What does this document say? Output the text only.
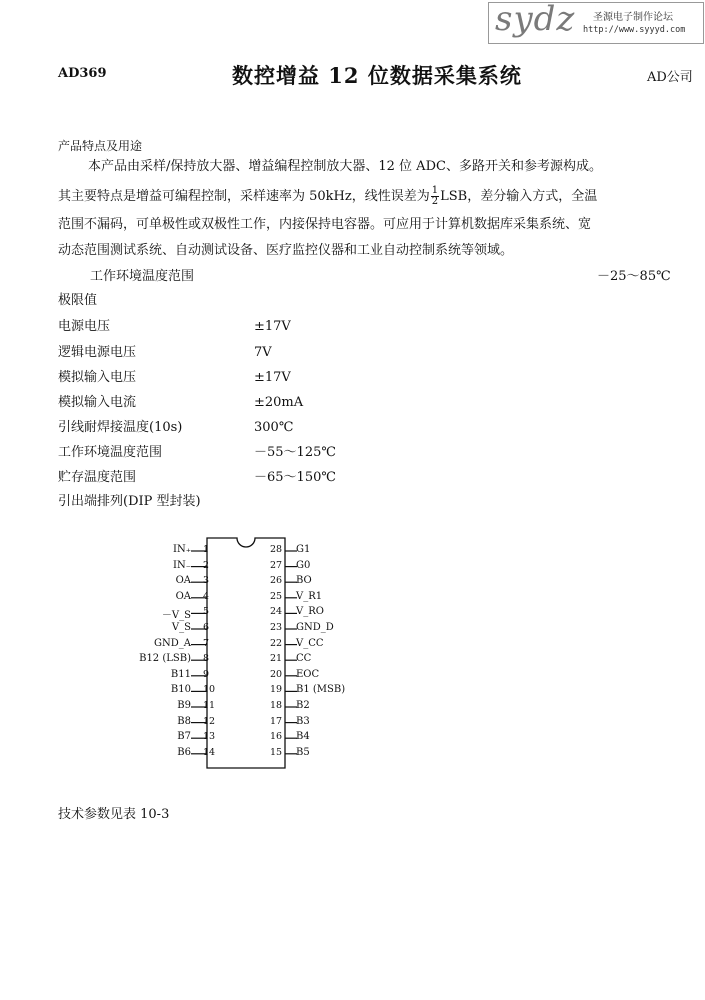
sydz 圣源电子制作论坛
http://www.syyyd.com
AD369	数控增益 12 位数据采集系统	AD公司
产品特点及用途
本产品由采样/保持放大器、增益编程控制放大器、12 位 ADC、多路开关和参考源构成。
其主要特点是增益可编程控制，采样速率为 50kHz，线性误差为 $\frac{1}{2}$ LSB，差分输入方式，全温
范围不漏码，可单极性或双极性工作，内接保持电容器。可应用于计算机数据库采集系统、宽
动态范围测试系统、自动测试设备、医疗监控仪器和工业自动控制系统等领域。
工作环境温度范围	－25～85℃
极限值
电源电压	±17V
逻辑电源电压	7V
模拟输入电压	±17V
模拟输入电流	±20mA
引线耐焊接温度(10s)	300℃
工作环境温度范围	－55～125℃
贮存温度范围	－65～150℃
引出端排列(DIP 型封装)
IN₊ 1
IN₋ 2
OA 3
OA 4
－V_S 5
V_S 6
GND_A 7
B12 (LSB) 8
B11 9
B10 10
B9 11
B8 12
B7 13
B6 14
G1
28
G0
27
BO
26
V_R1
25
V_RO
24
GND_D
23
V_CC
22
CC
21
EOC
20
B1 (MSB)
19
B2
18
B3
17
B4
16
B5
15
技术参数见表 10-3
